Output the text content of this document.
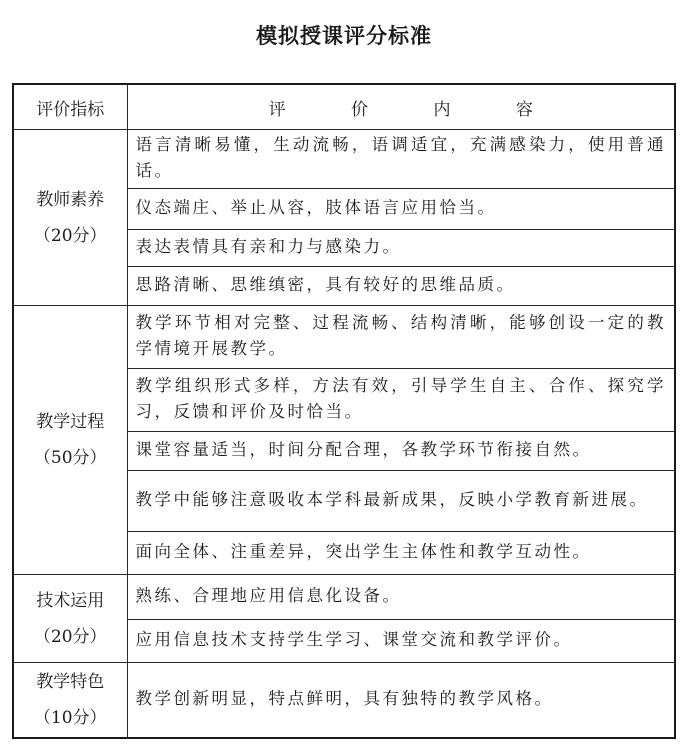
模拟授课评分标准
评价指标	评 价 内 容

教师素养
（20分）	语言清晰易懂，生动流畅，语调适宜，充满感染力，使用普通话。
	仪态端庄、举止从容，肢体语言应用恰当。
	表达表情具有亲和力与感染力。
	思路清晰、思维缜密，具有较好的思维品质。

教学过程
（50分）	教学环节相对完整、过程流畅、结构清晰，能够创设一定的教学情境开展教学。
	教学组织形式多样，方法有效，引导学生自主、合作、探究学习，反馈和评价及时恰当。
	课堂容量适当，时间分配合理，各教学环节衔接自然。
	教学中能够注意吸收本学科最新成果，反映小学教育新进展。
	面向全体、注重差异，突出学生主体性和教学互动性。

技术运用
（20分）	熟练、合理地应用信息化设备。
	应用信息技术支持学生学习、课堂交流和教学评价。

教学特色
（10分）	教学创新明显，特点鲜明，具有独特的教学风格。
